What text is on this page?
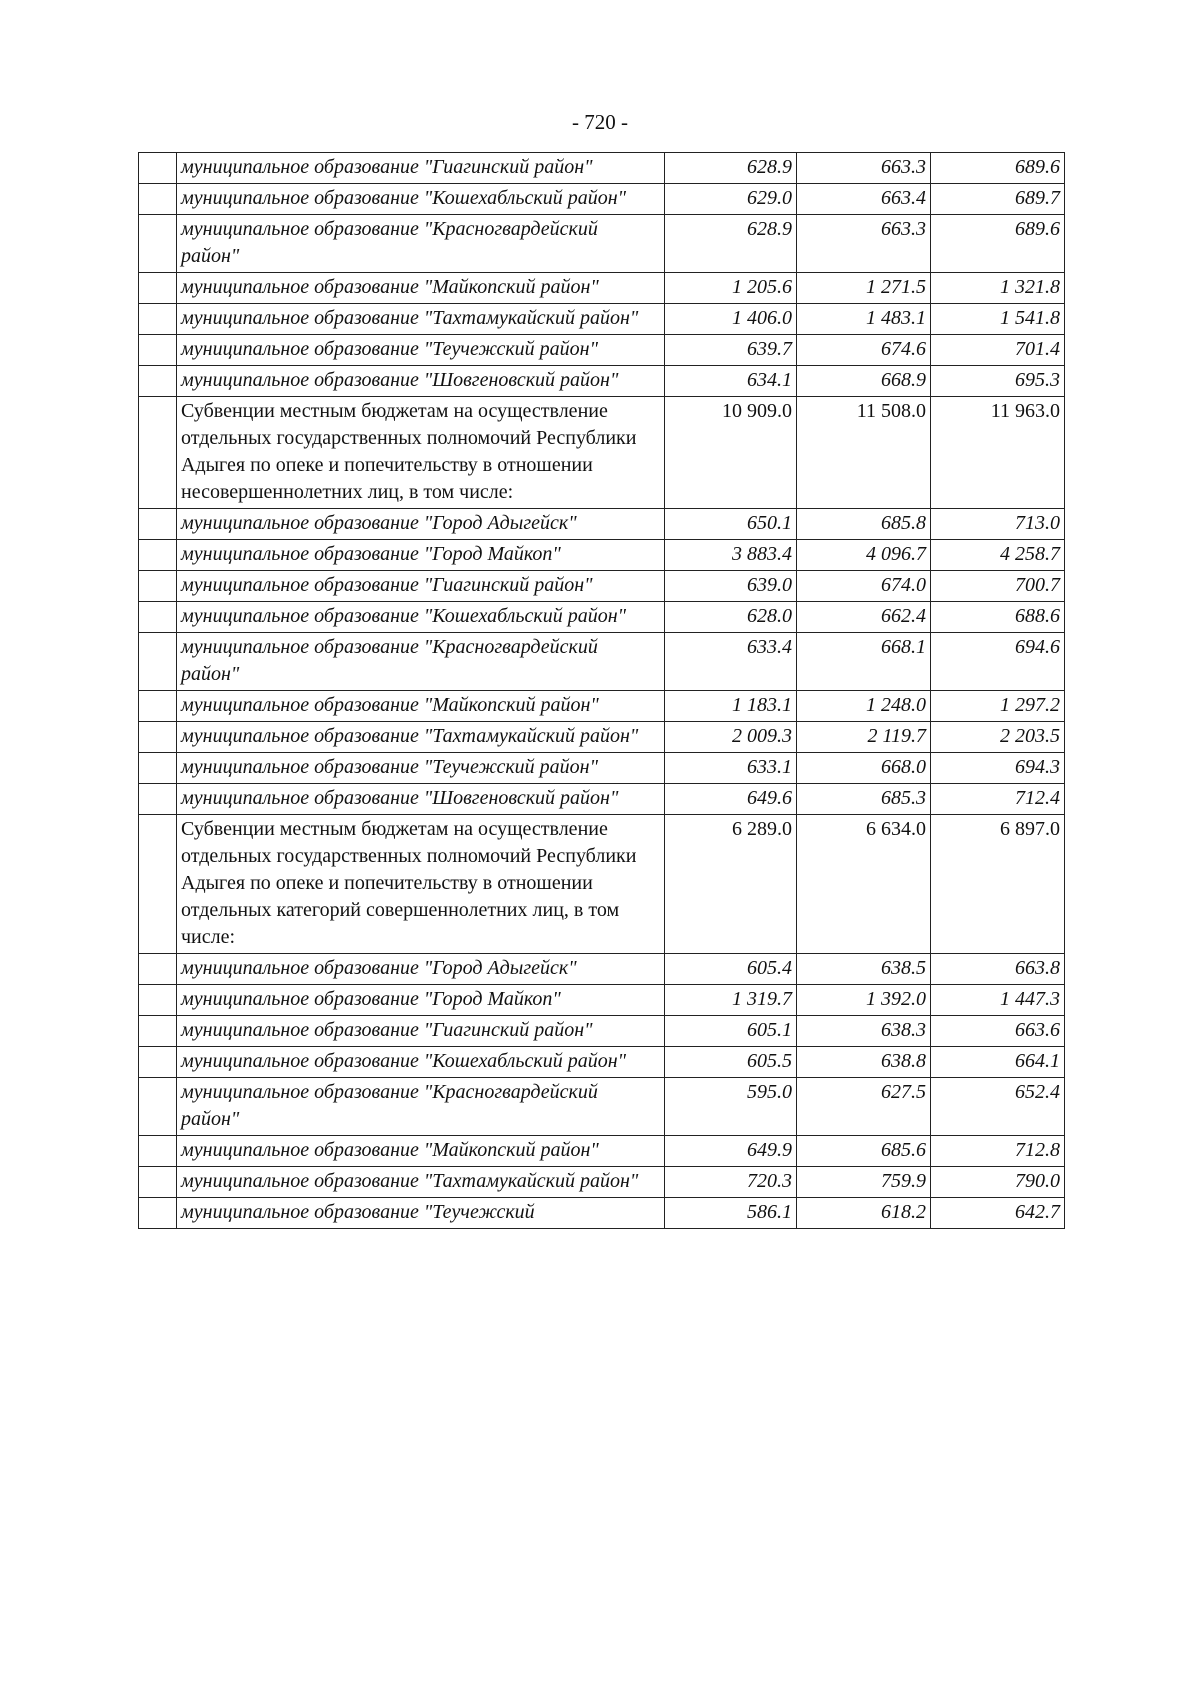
- 720 -
	муниципальное образование "Гиагинский район"	628.9	663.3	689.6
	муниципальное образование "Кошехабльский район"	629.0	663.4	689.7
	муниципальное образование "Красногвардейский район"	628.9	663.3	689.6
	муниципальное образование "Майкопский район"	1 205.6	1 271.5	1 321.8
	муниципальное образование "Тахтамукайский район"	1 406.0	1 483.1	1 541.8
	муниципальное образование "Теучежский район"	639.7	674.6	701.4
	муниципальное образование "Шовгеновский район"	634.1	668.9	695.3
	Субвенции местным бюджетам на осуществление отдельных государственных полномочий Республики Адыгея по опеке и попечительству в отношении несовершеннолетних лиц, в том числе:	10 909.0	11 508.0	11 963.0
	муниципальное образование "Город Адыгейск"	650.1	685.8	713.0
	муниципальное образование "Город Майкоп"	3 883.4	4 096.7	4 258.7
	муниципальное образование "Гиагинский район"	639.0	674.0	700.7
	муниципальное образование "Кошехабльский район"	628.0	662.4	688.6
	муниципальное образование "Красногвардейский район"	633.4	668.1	694.6
	муниципальное образование "Майкопский район"	1 183.1	1 248.0	1 297.2
	муниципальное образование "Тахтамукайский район"	2 009.3	2 119.7	2 203.5
	муниципальное образование "Теучежский район"	633.1	668.0	694.3
	муниципальное образование "Шовгеновский район"	649.6	685.3	712.4
	Субвенции местным бюджетам на осуществление отдельных государственных полномочий Республики Адыгея по опеке и попечительству в отношении отдельных категорий совершеннолетних лиц, в том числе:	6 289.0	6 634.0	6 897.0
	муниципальное образование "Город Адыгейск"	605.4	638.5	663.8
	муниципальное образование "Город Майкоп"	1 319.7	1 392.0	1 447.3
	муниципальное образование "Гиагинский район"	605.1	638.3	663.6
	муниципальное образование "Кошехабльский район"	605.5	638.8	664.1
	муниципальное образование "Красногвардейский район"	595.0	627.5	652.4
	муниципальное образование "Майкопский район"	649.9	685.6	712.8
	муниципальное образование "Тахтамукайский район"	720.3	759.9	790.0
	муниципальное образование "Теучежский	586.1	618.2	642.7
